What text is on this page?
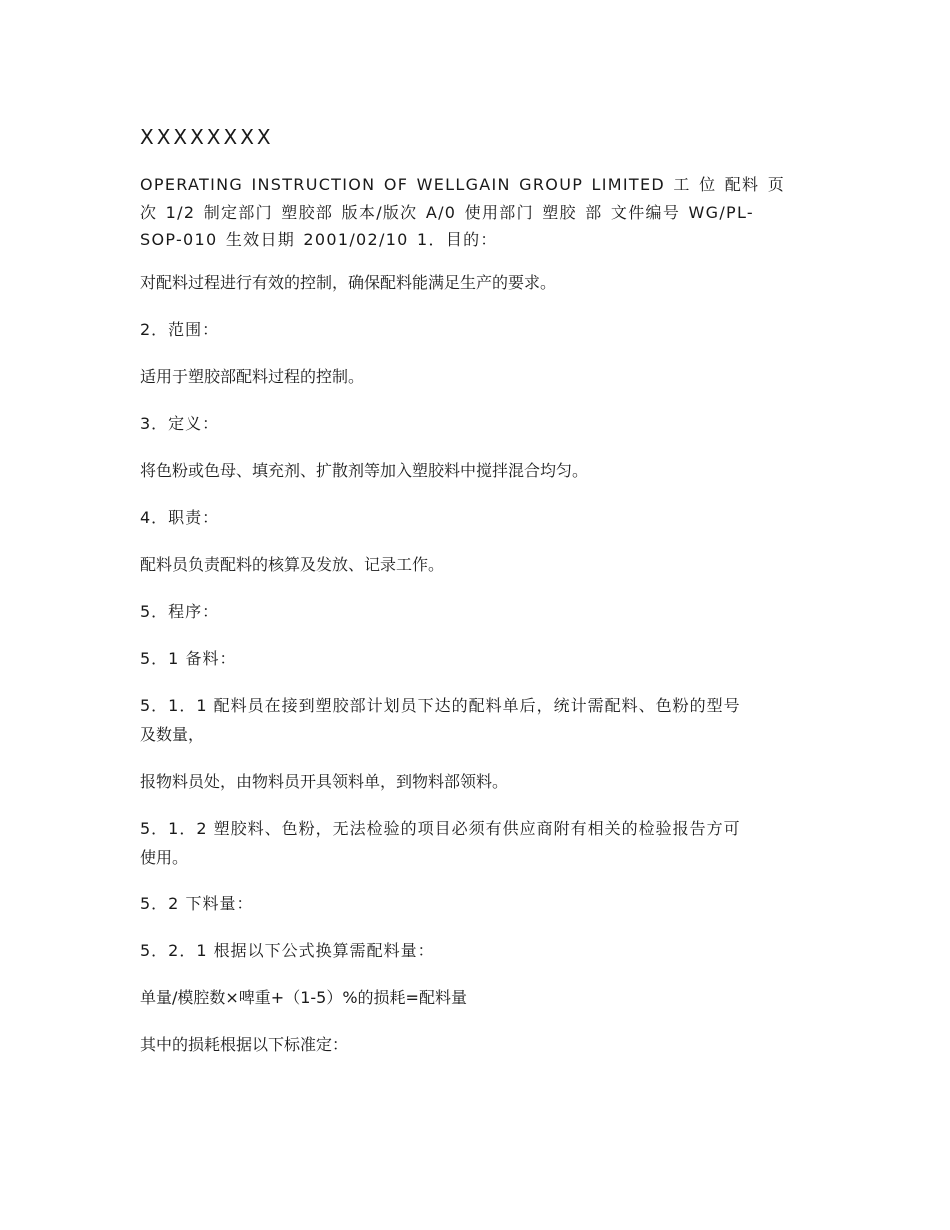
XXXXXXXX

OPERATING INSTRUCTION OF WELLGAIN GROUP LIMITED 工 位 配料 页

次 1/2 制定部门 塑胶部 版本/版次 A/0 使用部门 塑胶 部 文件编号 WG/PL-

SOP-010 生效日期 2001/02/10 1．目的：

对配料过程进行有效的控制，确保配料能满足生产的要求。

2．范围：

适用于塑胶部配料过程的控制。

3．定义：

将色粉或色母、填充剂、扩散剂等加入塑胶料中搅拌混合均匀。

4．职责：

配料员负责配料的核算及发放、记录工作。

5．程序：

5．1 备料：

5．1．1 配料员在接到塑胶部计划员下达的配料单后，统计需配料、色粉的型号

及数量，

报物料员处，由物料员开具领料单，到物料部领料。

5．1．2 塑胶料、色粉，无法检验的项目必须有供应商附有相关的检验报告方可

使用。

5．2 下料量：

5．2．1 根据以下公式换算需配料量：

单量/模腔数×啤重+（1-5）%的损耗=配料量

其中的损耗根据以下标准定：
